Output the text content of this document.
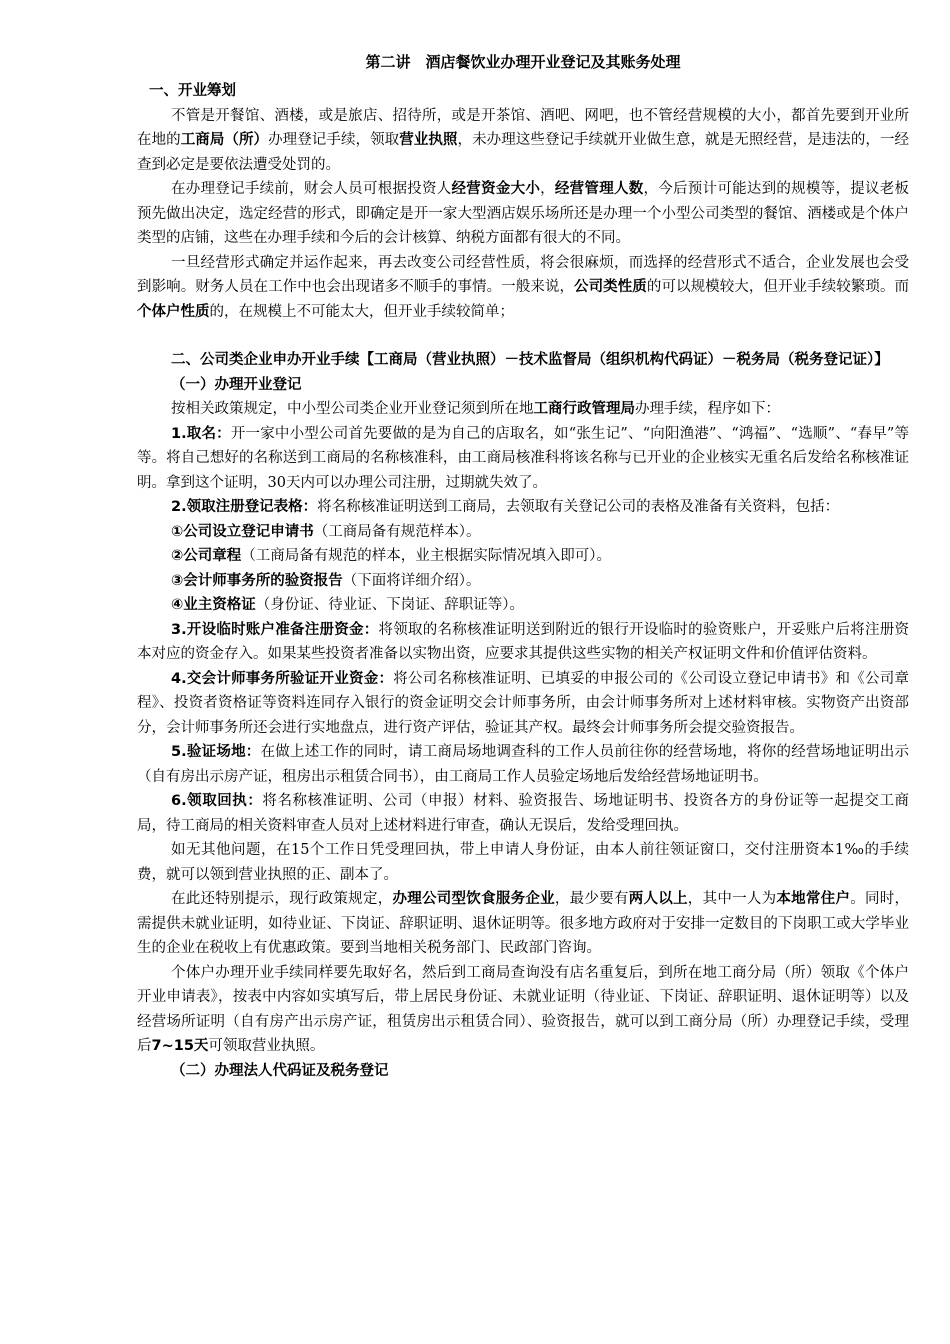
第二讲　酒店餐饮业办理开业登记及其账务处理
一、开业筹划

不管是开餐馆、酒楼，或是旅店、招待所，或是开茶馆、酒吧、网吧，也不管经营规模的大小，都首先要到开业所在地的工商局（所）办理登记手续，领取营业执照，未办理这些登记手续就开业做生意，就是无照经营，是违法的，一经查到必定是要依法遭受处罚的。

在办理登记手续前，财会人员可根据投资人经营资金大小，经营管理人数，今后预计可能达到的规模等，提议老板预先做出决定，选定经营的形式，即确定是开一家大型酒店娱乐场所还是办理一个小型公司类型的餐馆、酒楼或是个体户类型的店铺，这些在办理手续和今后的会计核算、纳税方面都有很大的不同。

一旦经营形式确定并运作起来，再去改变公司经营性质，将会很麻烦，而选择的经营形式不适合，企业发展也会受到影响。财务人员在工作中也会出现诸多不顺手的事情。一般来说，公司类性质的可以规模较大，但开业手续较繁琐。而个体户性质的，在规模上不可能太大，但开业手续较简单；

二、公司类企业申办开业手续【工商局（营业执照）－技术监督局（组织机构代码证）－税务局（税务登记证）】
（一）办理开业登记

按相关政策规定，中小型公司类企业开业登记须到所在地工商行政管理局办理手续，程序如下：

1.取名：开一家中小型公司首先要做的是为自己的店取名，如“张生记”、“向阳渔港”、“鸿福”、“选顺”、“春早”等等。将自己想好的名称送到工商局的名称核准科，由工商局核准科将该名称与已开业的企业核实无重名后发给名称核准证明。拿到这个证明，30天内可以办理公司注册，过期就失效了。

2.领取注册登记表格：将名称核准证明送到工商局，去领取有关登记公司的表格及准备有关资料，包括：

①公司设立登记申请书（工商局备有规范样本）。

②公司章程（工商局备有规范的样本，业主根据实际情况填入即可）。

③会计师事务所的验资报告（下面将详细介绍）。

④业主资格证（身份证、待业证、下岗证、辞职证等）。

3.开设临时账户准备注册资金：将领取的名称核准证明送到附近的银行开设临时的验资账户，开妥账户后将注册资本对应的资金存入。如果某些投资者准备以实物出资，应要求其提供这些实物的相关产权证明文件和价值评估资料。

4.交会计师事务所验证开业资金：将公司名称核准证明、已填妥的申报公司的《公司设立登记申请书》和《公司章程》、投资者资格证等资料连同存入银行的资金证明交会计师事务所，由会计师事务所对上述材料审核。实物资产出资部分，会计师事务所还会进行实地盘点，进行资产评估，验证其产权。最终会计师事务所会提交验资报告。

5.验证场地：在做上述工作的同时，请工商局场地调查科的工作人员前往你的经营场地，将你的经营场地证明出示（自有房出示房产证，租房出示租赁合同书），由工商局工作人员验定场地后发给经营场地证明书。

6.领取回执：将名称核准证明、公司（申报）材料、验资报告、场地证明书、投资各方的身份证等一起提交工商局，待工商局的相关资料审查人员对上述材料进行审查，确认无误后，发给受理回执。

如无其他问题，在15个工作日凭受理回执，带上申请人身份证，由本人前往领证窗口，交付注册资本1‰的手续费，就可以领到营业执照的正、副本了。

在此还特别提示，现行政策规定，办理公司型饮食服务企业，最少要有两人以上，其中一人为本地常住户。同时，需提供未就业证明，如待业证、下岗证、辞职证明、退休证明等。很多地方政府对于安排一定数目的下岗职工或大学毕业生的企业在税收上有优惠政策。要到当地相关税务部门、民政部门咨询。

个体户办理开业手续同样要先取好名，然后到工商局查询没有店名重复后，到所在地工商分局（所）领取《个体户开业申请表》，按表中内容如实填写后，带上居民身份证、未就业证明（待业证、下岗证、辞职证明、退休证明等）以及经营场所证明（自有房产出示房产证，租赁房出示租赁合同）、验资报告，就可以到工商分局（所）办理登记手续，受理后7~15天可领取营业执照。

（二）办理法人代码证及税务登记
